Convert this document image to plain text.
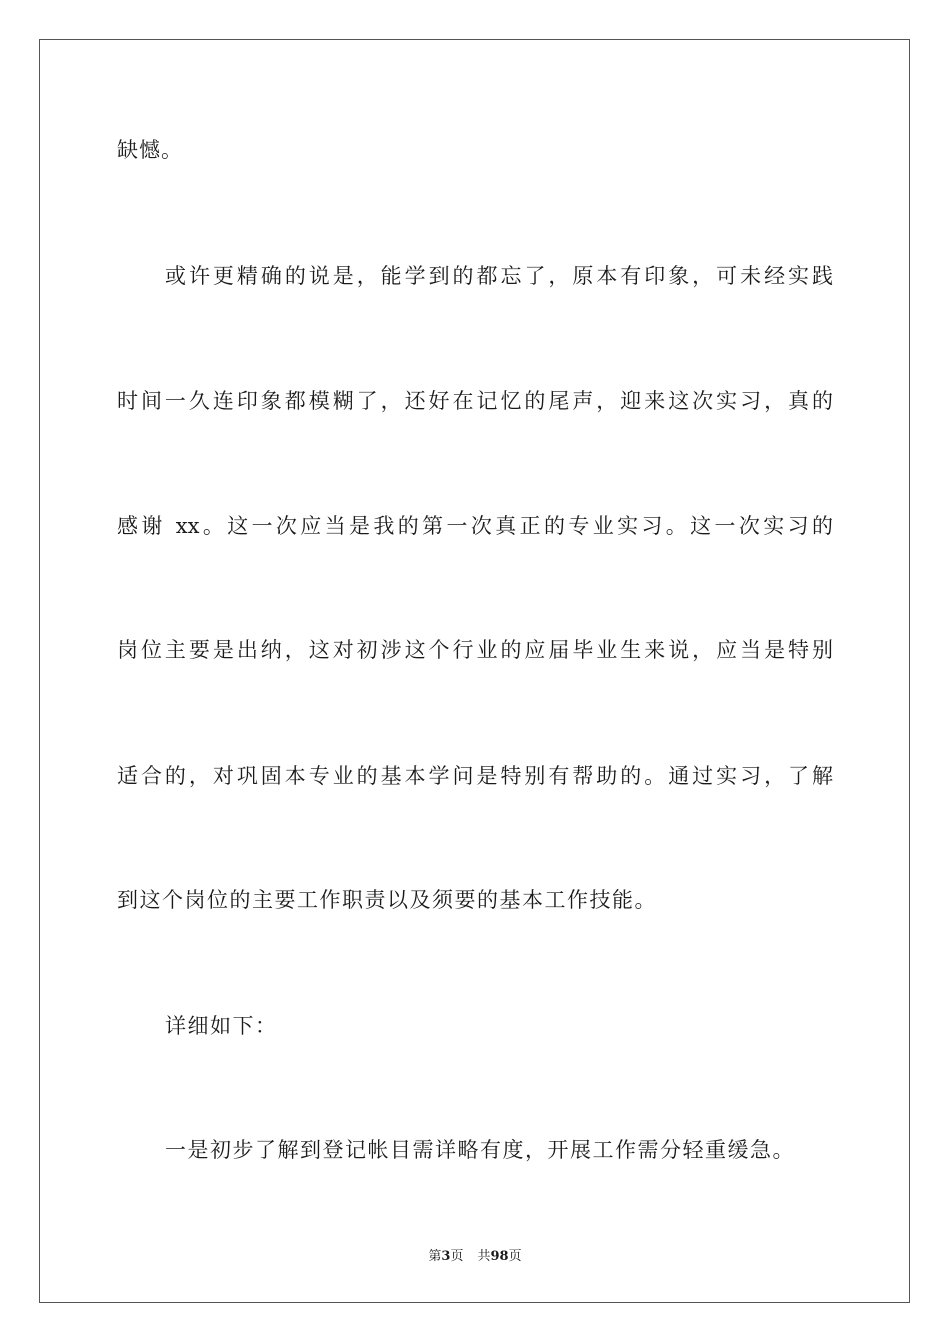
缺憾。
或许更精确的说是，能学到的都忘了，原本有印象，可未经实践
时间一久连印象都模糊了，还好在记忆的尾声，迎来这次实习，真的
感谢 xx。这一次应当是我的第一次真正的专业实习。这一次实习的
岗位主要是出纳，这对初涉这个行业的应届毕业生来说，应当是特别
适合的，对巩固本专业的基本学问是特别有帮助的。通过实习，了解
到这个岗位的主要工作职责以及须要的基本工作技能。
详细如下：
一是初步了解到登记帐目需详略有度，开展工作需分轻重缓急。
第3页 共98页
